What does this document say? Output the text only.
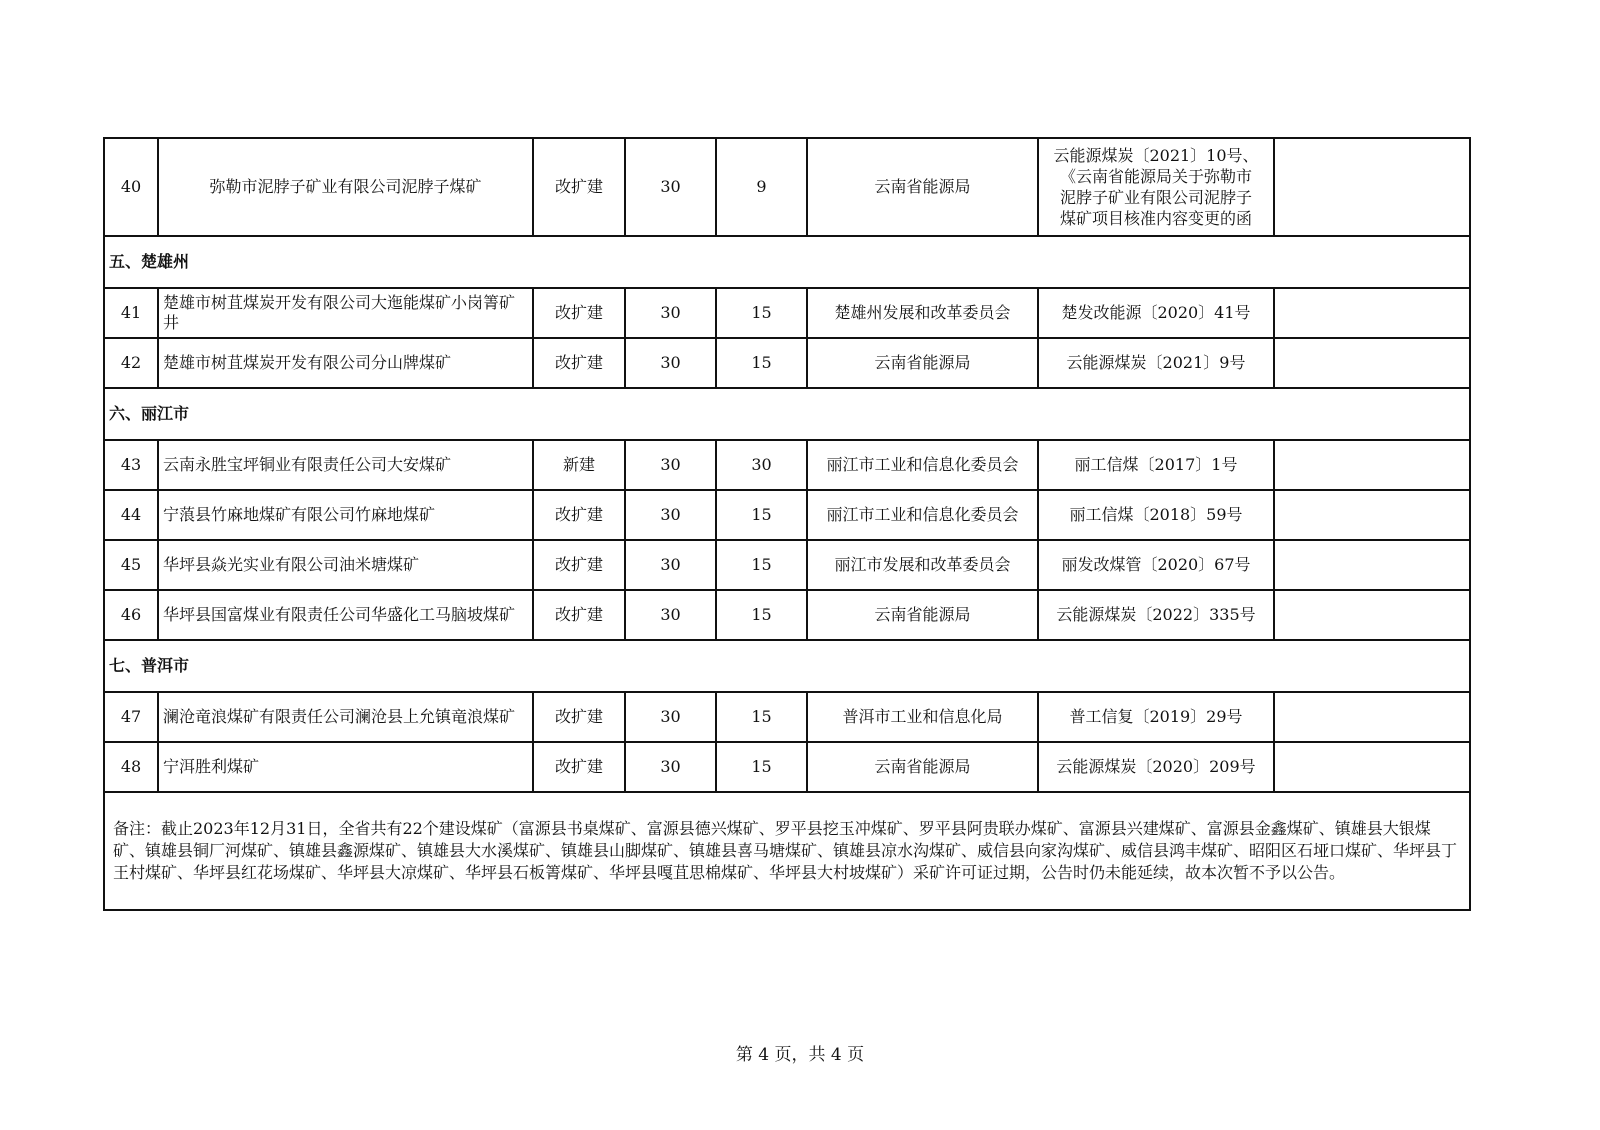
40	弥勒市泥脖子矿业有限公司泥脖子煤矿	改扩建	30	9	云南省能源局	云能源煤炭〔2021〕10号、
《云南省能源局关于弥勒市
泥脖子矿业有限公司泥脖子
煤矿项目核准内容变更的函	

五、楚雄州							
41	楚雄市树苴煤炭开发有限公司大迤能煤矿小岗箐矿井	改扩建	30	15	楚雄州发展和改革委员会	楚发改能源〔2020〕41号	
42	楚雄市树苴煤炭开发有限公司分山牌煤矿	改扩建	30	15	云南省能源局	云能源煤炭〔2021〕9号	
六、丽江市							
43	云南永胜宝坪铜业有限责任公司大安煤矿	新建	30	30	丽江市工业和信息化委员会	丽工信煤〔2017〕1号	
44	宁蒗县竹麻地煤矿有限公司竹麻地煤矿	改扩建	30	15	丽江市工业和信息化委员会	丽工信煤〔2018〕59号	
45	华坪县焱光实业有限公司油米塘煤矿	改扩建	30	15	丽江市发展和改革委员会	丽发改煤管〔2020〕67号	
46	华坪县国富煤业有限责任公司华盛化工马脑坡煤矿	改扩建	30	15	云南省能源局	云能源煤炭〔2022〕335号	
七、普洱市							
47	澜沧竜浪煤矿有限责任公司澜沧县上允镇竜浪煤矿	改扩建	30	15	普洱市工业和信息化局	普工信复〔2019〕29号	
48	宁洱胜利煤矿	改扩建	30	15	云南省能源局	云能源煤炭〔2020〕209号	
备注：截止2023年12月31日，全省共有22个建设煤矿（富源县书桌煤矿、富源县德兴煤矿、罗平县挖玉冲煤矿、罗平县阿贵联办煤矿、富源县兴建煤矿、富源县金鑫煤矿、镇雄县大银煤矿、镇雄县铜厂河煤矿、镇雄县鑫源煤矿、镇雄县大水溪煤矿、镇雄县山脚煤矿、镇雄县喜马塘煤矿、镇雄县凉水沟煤矿、威信县向家沟煤矿、威信县鸿丰煤矿、昭阳区石垭口煤矿、华坪县丁王村煤矿、华坪县红花场煤矿、华坪县大凉煤矿、华坪县石板箐煤矿、华坪县嘎苴思棉煤矿、华坪县大村坡煤矿）采矿许可证过期，公告时仍未能延续，故本次暂不予以公告。							
第 4 页，共 4 页
